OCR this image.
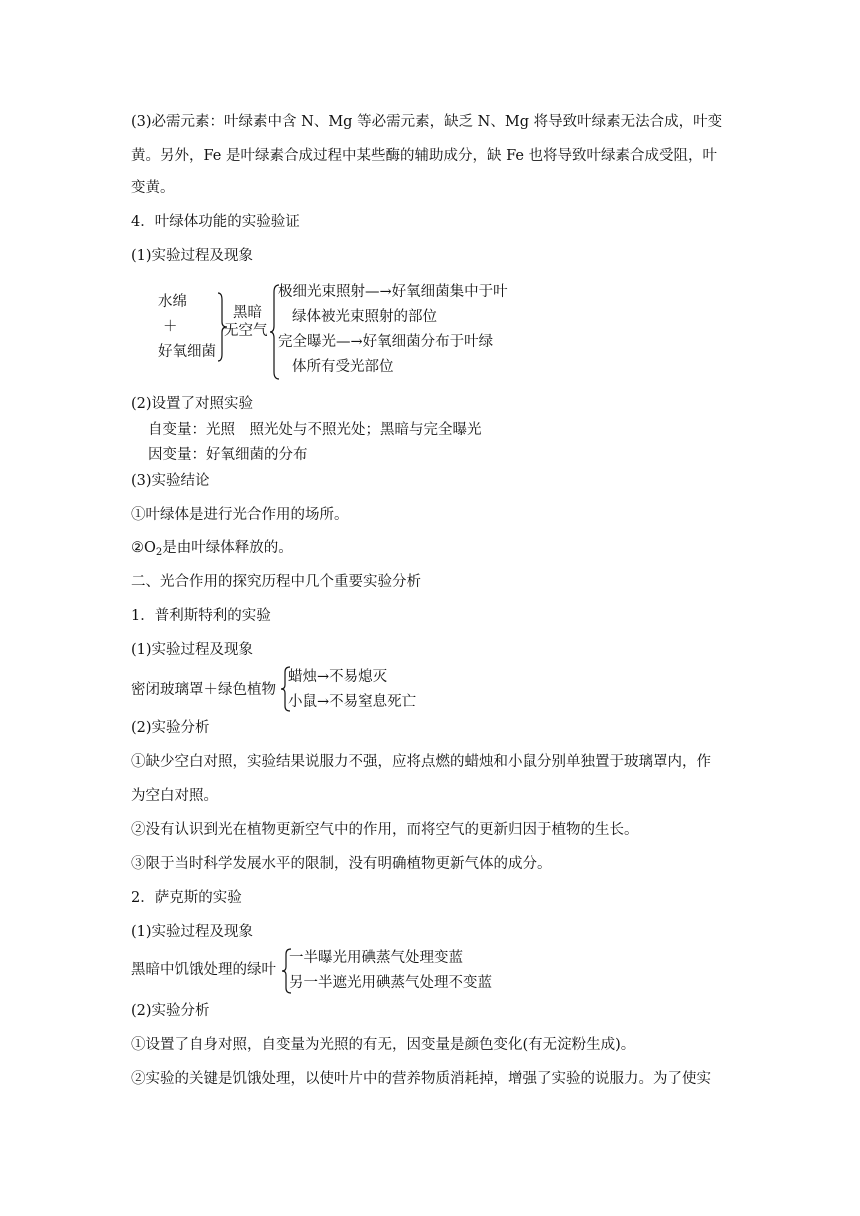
(3)必需元素：叶绿素中含 N、Mg 等必需元素，缺乏 N、Mg 将导致叶绿素无法合成，叶变
黄。另外，Fe 是叶绿素合成过程中某些酶的辅助成分，缺 Fe 也将导致叶绿素合成受阻，叶
变黄。
4．叶绿体功能的实验验证
(1)实验过程及现象
水绵
＋
好氧细菌
黑暗
无空气
极细光束照射—→好氧细菌集中于叶
绿体被光束照射的部位
完全曝光—→好氧细菌分布于叶绿
体所有受光部位
(2)设置了对照实验
自变量：光照　照光处与不照光处；黑暗与完全曝光
因变量：好氧细菌的分布
(3)实验结论
①叶绿体是进行光合作用的场所。
$②O_2$是由叶绿体释放的。
二、光合作用的探究历程中几个重要实验分析
1．普利斯特利的实验
(1)实验过程及现象
密闭玻璃罩＋绿色植物
蜡烛→不易熄灭
小鼠→不易窒息死亡
(2)实验分析
①缺少空白对照，实验结果说服力不强，应将点燃的蜡烛和小鼠分别单独置于玻璃罩内，作
为空白对照。
②没有认识到光在植物更新空气中的作用，而将空气的更新归因于植物的生长。
③限于当时科学发展水平的限制，没有明确植物更新气体的成分。
2．萨克斯的实验
(1)实验过程及现象
黑暗中饥饿处理的绿叶
一半曝光用碘蒸气处理变蓝
另一半遮光用碘蒸气处理不变蓝
(2)实验分析
①设置了自身对照，自变量为光照的有无，因变量是颜色变化(有无淀粉生成)。
②实验的关键是饥饿处理，以使叶片中的营养物质消耗掉，增强了实验的说服力。为了使实
